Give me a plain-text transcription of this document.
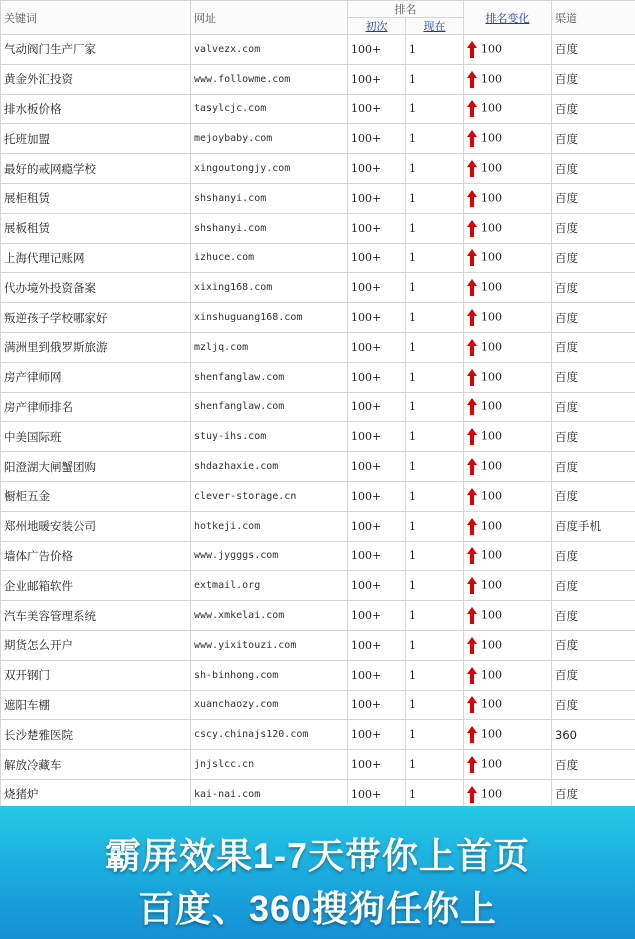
关键词	网址	排名		排名变化	渠道
		初次	现在		
气动阀门生产厂家	valvezx.com	100+	1	100	百度
黄金外汇投资	www.followme.com	100+	1	100	百度
排水板价格	tasylcjc.com	100+	1	100	百度
托班加盟	mejoybaby.com	100+	1	100	百度
最好的戒网瘾学校	xingoutongjy.com	100+	1	100	百度
展柜租赁	shshanyi.com	100+	1	100	百度
展板租赁	shshanyi.com	100+	1	100	百度
上海代理记账网	izhuce.com	100+	1	100	百度
代办境外投资备案	xixing168.com	100+	1	100	百度
叛逆孩子学校哪家好	xinshuguang168.com	100+	1	100	百度
满洲里到俄罗斯旅游	mzljq.com	100+	1	100	百度
房产律师网	shenfanglaw.com	100+	1	100	百度
房产律师排名	shenfanglaw.com	100+	1	100	百度
中美国际班	stuy-ihs.com	100+	1	100	百度
阳澄湖大闸蟹团购	shdazhaxie.com	100+	1	100	百度
橱柜五金	clever-storage.cn	100+	1	100	百度
郑州地暖安装公司	hotkeji.com	100+	1	100	百度手机
墙体广告价格	www.jygggs.com	100+	1	100	百度
企业邮箱软件	extmail.org	100+	1	100	百度
汽车美容管理系统	www.xmkelai.com	100+	1	100	百度
期货怎么开户	www.yixitouzi.com	100+	1	100	百度
双开钢门	sh-binhong.com	100+	1	100	百度
遮阳车棚	xuanchaozy.com	100+	1	100	百度
长沙楚雅医院	cscy.chinajs120.com	100+	1	100	360
解放冷藏车	jnjslcc.cn	100+	1	100	百度
烧猪炉	kai-nai.com	100+	1	100	百度
霸屏效果1-7天带你上首页
百度、360搜狗任你上
